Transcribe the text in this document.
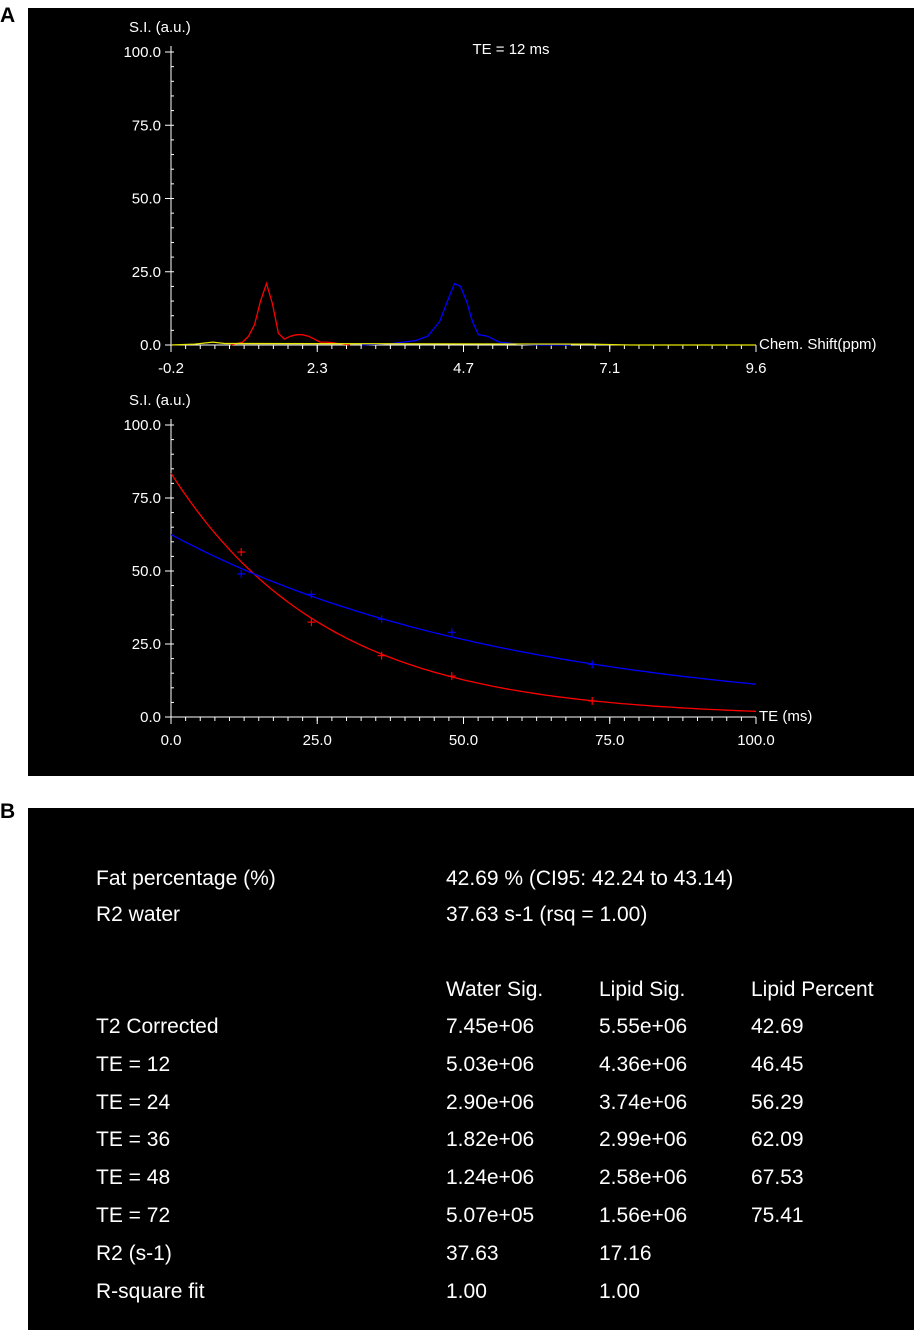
A
B
0.0
25.0
50.0
75.0
100.0
-0.2	2.3	4.7	7.1	9.6
S.I. (a.u.)
Chem. Shift(ppm)
TE = 12 ms
0.0
25.0
50.0
75.0
100.0
0.0	25.0	50.0	75.0	100.0
S.I. (a.u.)
TE (ms)
Fat percentage (%)	42.69 % (CI95: 42.24 to 43.14)
R2 water	37.63 s-1 (rsq = 1.00)
Water Sig.	Lipid Sig.	Lipid Percent
T2 Corrected	7.45e+06	5.55e+06	42.69
TE = 12	5.03e+06	4.36e+06	46.45
TE = 24	2.90e+06	3.74e+06	56.29
TE = 36	1.82e+06	2.99e+06	62.09
TE = 48	1.24e+06	2.58e+06	67.53
TE = 72	5.07e+05	1.56e+06	75.41
R2 (s-1)	37.63	17.16
R-square fit	1.00	1.00
